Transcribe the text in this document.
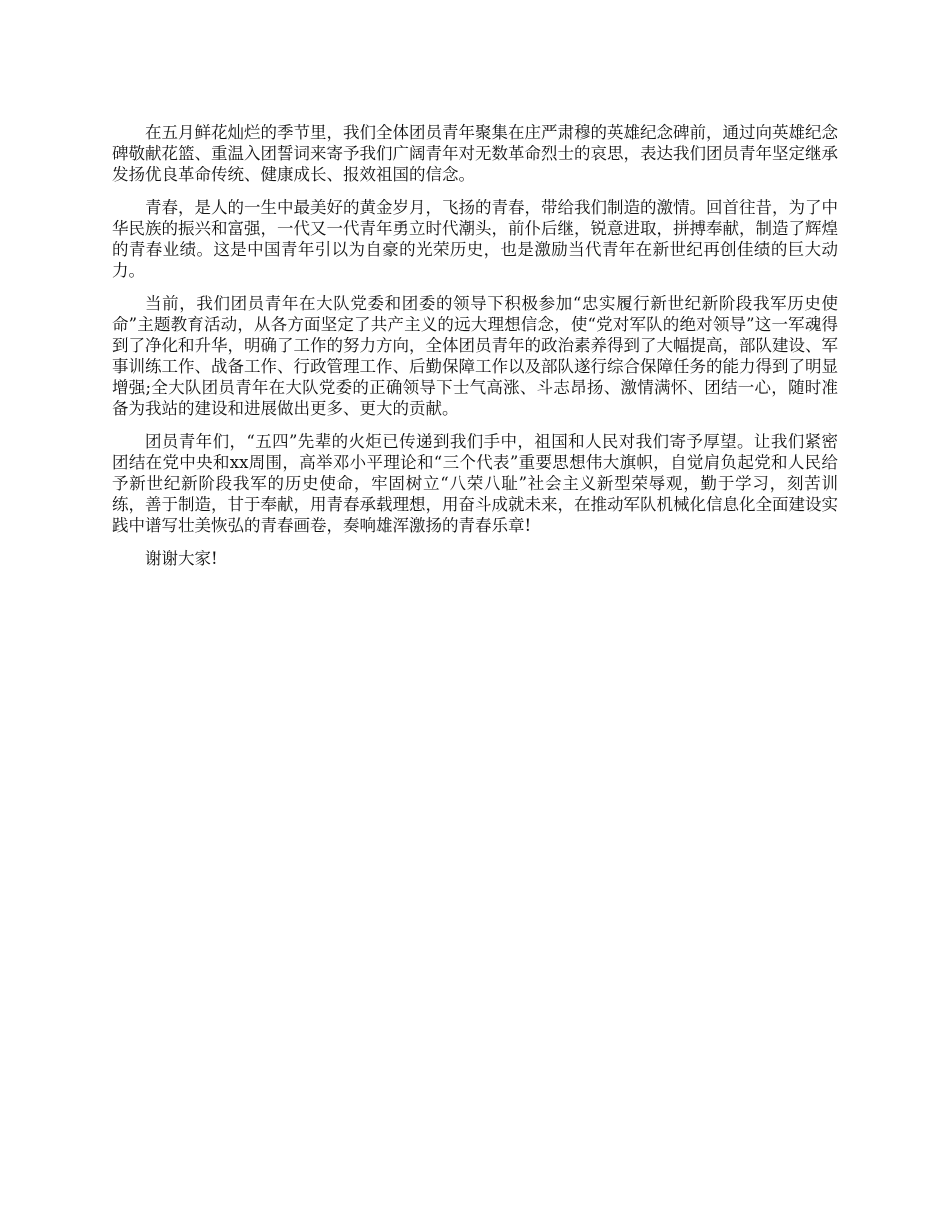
在五月鲜花灿烂的季节里，我们全体团员青年聚集在庄严肃穆的英雄纪念碑前，通过向英雄纪念碑敬献花篮、重温入团誓词来寄予我们广阔青年对无数革命烈士的哀思，表达我们团员青年坚定继承发扬优良革命传统、健康成长、报效祖国的信念。

青春，是人的一生中最美好的黄金岁月，飞扬的青春，带给我们制造的激情。回首往昔，为了中华民族的振兴和富强，一代又一代青年勇立时代潮头，前仆后继，锐意进取，拼搏奉献，制造了辉煌的青春业绩。这是中国青年引以为自豪的光荣历史，也是激励当代青年在新世纪再创佳绩的巨大动力。

当前，我们团员青年在大队党委和团委的领导下积极参加“忠实履行新世纪新阶段我军历史使命”主题教育活动，从各方面坚定了共产主义的远大理想信念，使“党对军队的绝对领导”这一军魂得到了净化和升华，明确了工作的努力方向，全体团员青年的政治素养得到了大幅提高，部队建设、军事训练工作、战备工作、行政管理工作、后勤保障工作以及部队遂行综合保障任务的能力得到了明显增强;全大队团员青年在大队党委的正确领导下士气高涨、斗志昂扬、激情满怀、团结一心，随时准备为我站的建设和进展做出更多、更大的贡献。

团员青年们，“五四”先辈的火炬已传递到我们手中，祖国和人民对我们寄予厚望。让我们紧密团结在党中央和xx周围，高举邓小平理论和“三个代表”重要思想伟大旗帜，自觉肩负起党和人民给予新世纪新阶段我军的历史使命，牢固树立“八荣八耻”社会主义新型荣辱观，勤于学习，刻苦训练，善于制造，甘于奉献，用青春承载理想，用奋斗成就未来，在推动军队机械化信息化全面建设实践中谱写壮美恢弘的青春画卷，奏响雄浑激扬的青春乐章!

谢谢大家!
